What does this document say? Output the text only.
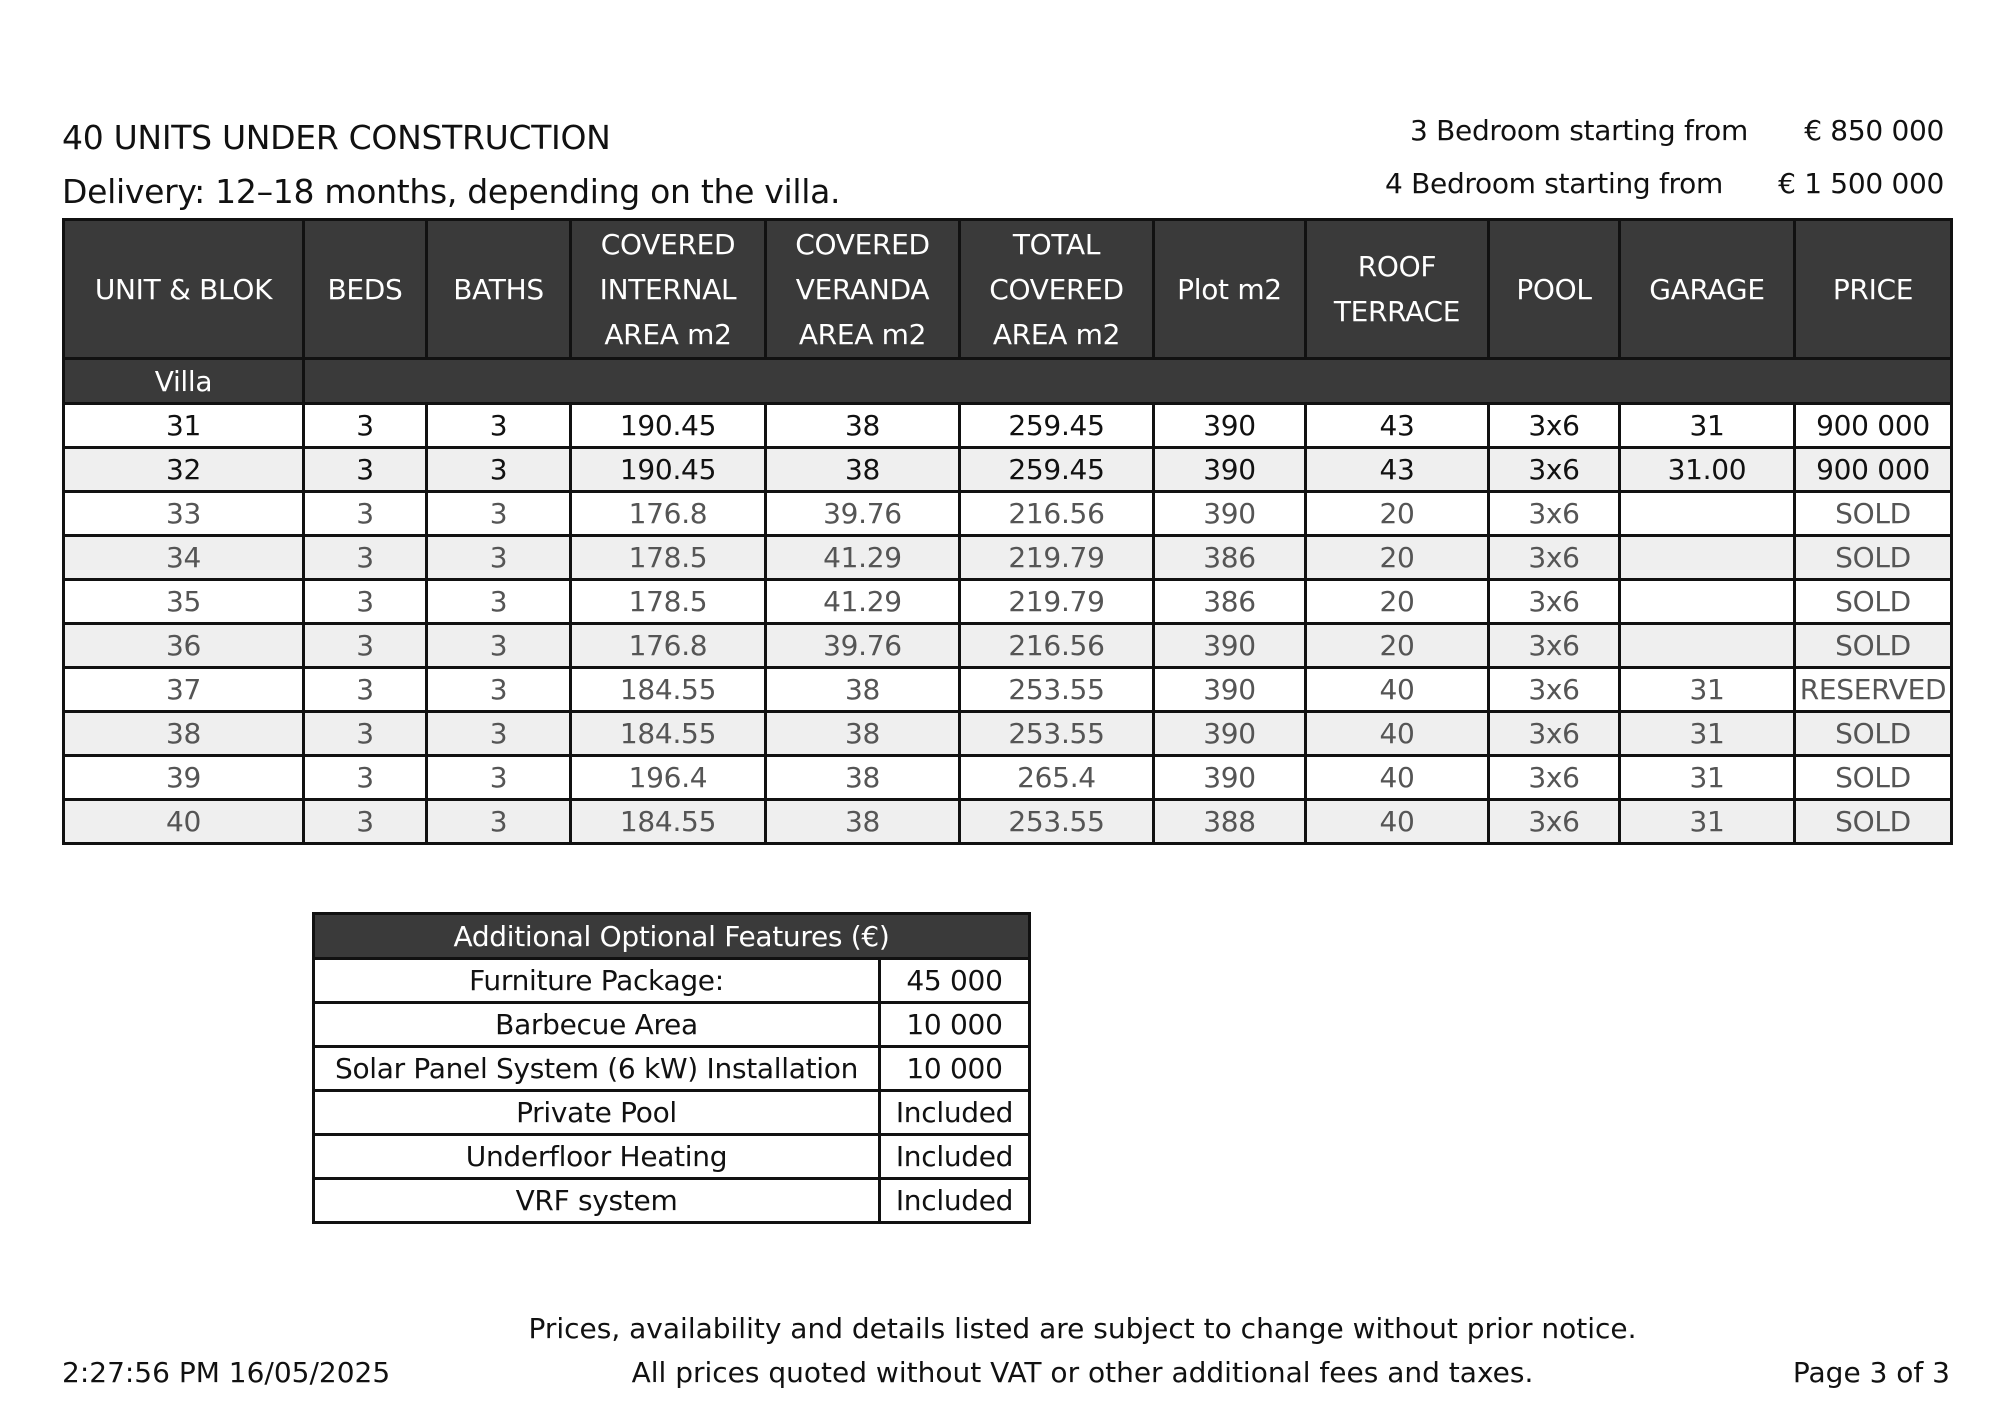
40 UNITS UNDER CONSTRUCTION
Delivery: 12–18 months, depending on the villa.
3 Bedroom starting from € 850 000
4 Bedroom starting from € 1 500 000
UNIT & BLOK	BEDS	BATHS	COVERED INTERNAL AREA m2	COVERED VERANDA AREA m2	TOTAL COVERED AREA m2	Plot m2	ROOF TERRACE	POOL	GARAGE	PRICE
Villa										
31	3	3	190.45	38	259.45	390	43	3x6	31	900 000
32	3	3	190.45	38	259.45	390	43	3x6	31.00	900 000
33	3	3	176.8	39.76	216.56	390	20	3x6		SOLD
34	3	3	178.5	41.29	219.79	386	20	3x6		SOLD
35	3	3	178.5	41.29	219.79	386	20	3x6		SOLD
36	3	3	176.8	39.76	216.56	390	20	3x6		SOLD
37	3	3	184.55	38	253.55	390	40	3x6	31	RESERVED
38	3	3	184.55	38	253.55	390	40	3x6	31	SOLD
39	3	3	196.4	38	265.4	390	40	3x6	31	SOLD
40	3	3	184.55	38	253.55	388	40	3x6	31	SOLD
Additional Optional Features (€)	
Furniture Package:	45 000
Barbecue Area	10 000
Solar Panel System (6 kW) Installation	10 000
Private Pool	Included
Underfloor Heating	Included
VRF system	Included
Prices, availability and details listed are subject to change without prior notice.
All prices quoted without VAT or other additional fees and taxes.
2:27:56 PM 16/05/2025	Page 3 of 3
